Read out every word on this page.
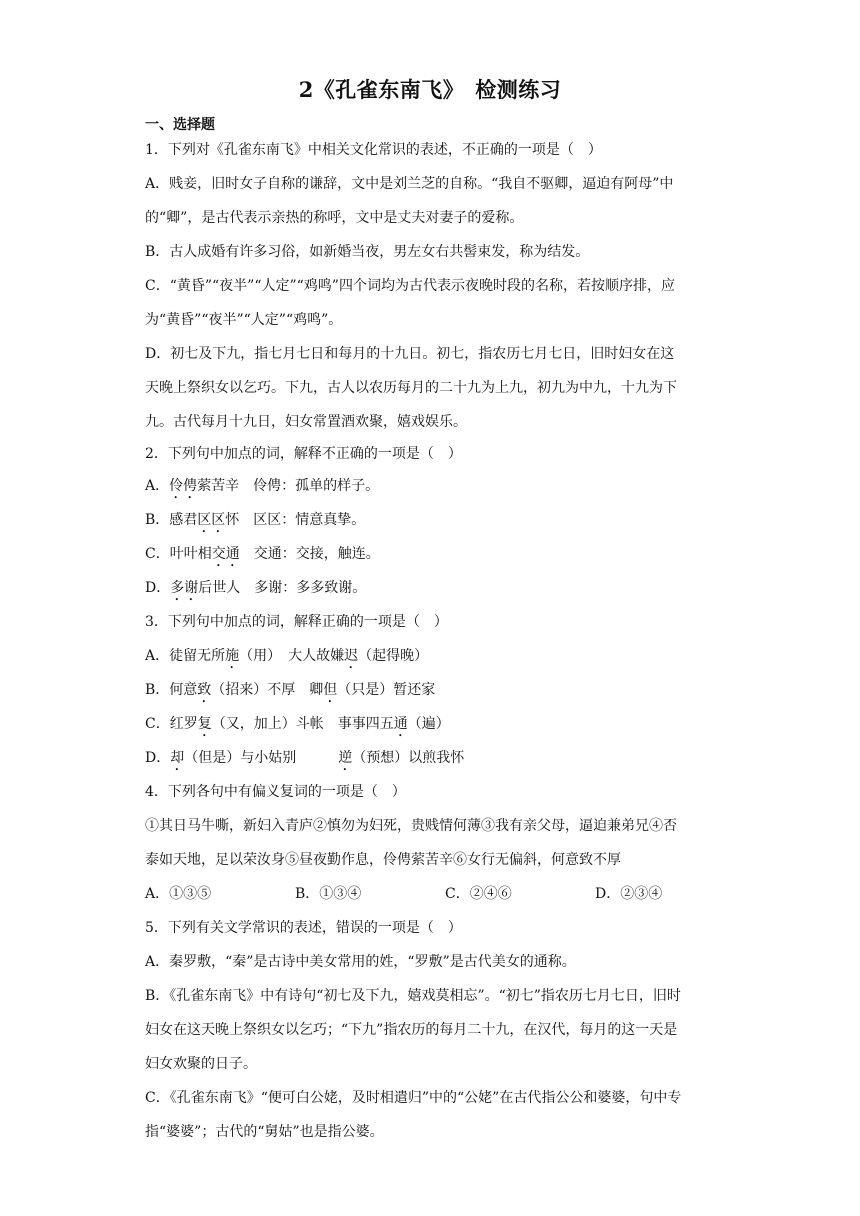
2《孔雀东南飞》　检测练习
一、选择题
1．下列对《孔雀东南飞》中相关文化常识的表述，不正确的一项是（　）
A．贱妾，旧时女子自称的谦辞，文中是刘兰芝的自称。“我自不驱卿，逼迫有阿母”中
的“卿”，是古代表示亲热的称呼，文中是丈夫对妻子的爱称。
B．古人成婚有许多习俗，如新婚当夜，男左女右共髻束发，称为结发。
C．“黄昏”“夜半”“人定”“鸡鸣”四个词均为古代表示夜晚时段的名称，若按顺序排，应
为“黄昏”“夜半”“人定”“鸡鸣”。
D．初七及下九，指七月七日和每月的十九日。初七，指农历七月七日，旧时妇女在这
天晚上祭织女以乞巧。下九，古人以农历每月的二十九为上九，初九为中九，十九为下
九。古代每月十九日，妇女常置酒欢聚，嬉戏娱乐。
2．下列句中加点的词，解释不正确的一项是（　）
A．伶俜萦苦辛　伶俜：孤单的样子。
B．感君区区怀　区区：情意真挚。
C．叶叶相交通　交通：交接，触连。
D．多谢后世人　多谢：多多致谢。
3．下列句中加点的词，解释正确的一项是（　）
A．徒留无所施（用）　大人故嫌迟（起得晚）
B．何意致（招来）不厚　卿但（只是）暂还家
C．红罗复（又，加上）斗帐　事事四五通（遍）
D．却（但是）与小姑别　　　逆（预想）以煎我怀
4．下列各句中有偏义复词的一项是（　）
①其日马牛嘶，新妇入青庐②慎勿为妇死，贵贱情何薄③我有亲父母，逼迫兼弟兄④否
泰如天地，足以荣汝身⑤昼夜勤作息，伶俜萦苦辛⑥女行无偏斜，何意致不厚
A．①③⑤	B．①③④	C．②④⑥	D．②③④
5．下列有关文学常识的表述，错误的一项是（　）
A．秦罗敷，“秦”是古诗中美女常用的姓，“罗敷”是古代美女的通称。
B．《孔雀东南飞》中有诗句“初七及下九，嬉戏莫相忘”。“初七”指农历七月七日，旧时
妇女在这天晚上祭织女以乞巧；“下九”指农历的每月二十九，在汉代，每月的这一天是
妇女欢聚的日子。
C．《孔雀东南飞》“便可白公姥，及时相遣归”中的“公姥”在古代指公公和婆婆，句中专
指“婆婆”；古代的“舅姑”也是指公婆。
